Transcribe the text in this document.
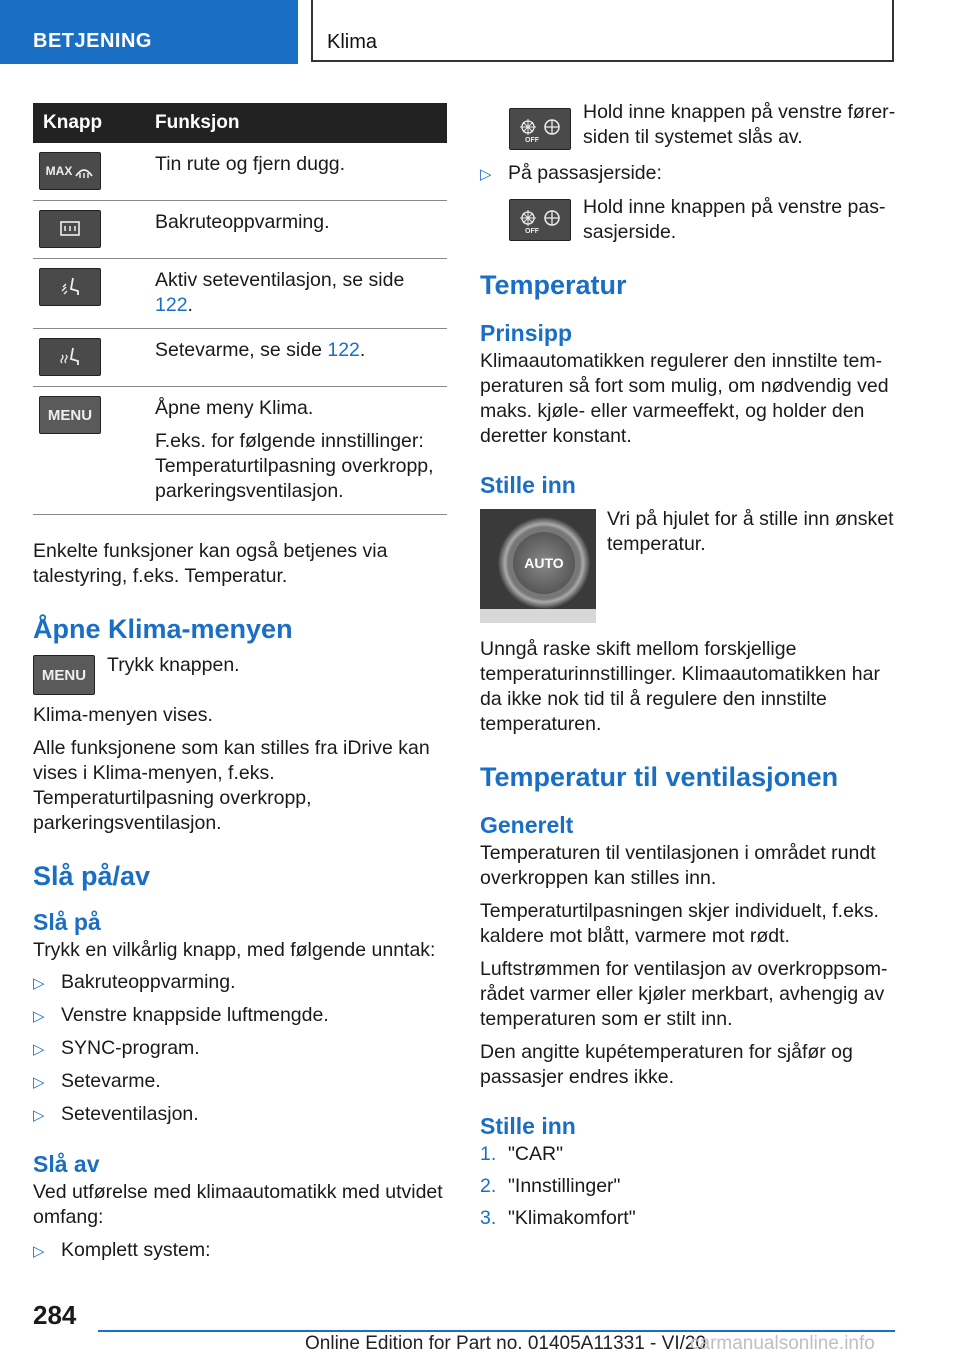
BETJENING	Klima
Knapp	Funksjon

MAX	Tin rute og fjern dugg.

	Bakruteoppvarming.

	Aktiv seteventilasjon, se side 122.

	Setevarme, se side 122.

MENU	Åpne meny Klima.

F.eks. for følgende innstillinger: Temperaturtilpasning overkropp, parkeringsventilasjon.

Enkelte funksjoner kan også betjenes via talestyring, f.eks. Temperatur.

Åpne Klima-menyen
MENU Trykk knappen.

Klima-menyen vises.

Alle funksjonene som kan stilles fra iDrive kan vises i Klima-menyen, f.eks. Temperaturtilpasning overkropp, parkeringsventilasjon.

Slå på/av
Slå på

Trykk en vilkårlig knapp, med følgende unntak:

▷ Bakruteoppvarming.
▷ Venstre knappside luftmengde.
▷ SYNC-program.
▷ Setevarme.
▷ Seteventilasjon.
Slå av

Ved utførelse med klimaautomatikk med utvidet omfang:

▷ Komplett system:
OFF

Hold inne knappen på venstre førersiden til systemet slås av.

▷ På passasjerside:
OFF

Hold inne knappen på venstre passasjerside.

Temperatur
Prinsipp

Klimaautomatikken regulerer den innstilte temperaturen så fort som mulig, om nødvendig ved maks. kjøle- eller varmeeffekt, og holder den deretter konstant.

Stille inn
AUTO

Vri på hjulet for å stille inn ønsket temperatur.

Unngå raske skift mellom forskjellige temperaturinnstillinger. Klimaautomatikken har da ikke nok tid til å regulere den innstilte temperaturen.

Temperatur til ventilasjonen
Generelt

Temperaturen til ventilasjonen i området rundt overkroppen kan stilles inn.

Temperaturtilpasningen skjer individuelt, f.eks. kaldere mot blått, varmere mot rødt.

Luftstrømmen for ventilasjon av overkroppsområdet varmer eller kjøler merkbart, avhengig av temperaturen som er stilt inn.

Den angitte kupétemperaturen for sjåfør og passasjer endres ikke.

Stille inn
1. "CAR"
2. "Innstillinger"
3. "Klimakomfort"
284
Online Edition for Part no. 01405A11331 - VI/20
carmanualsonline.info
